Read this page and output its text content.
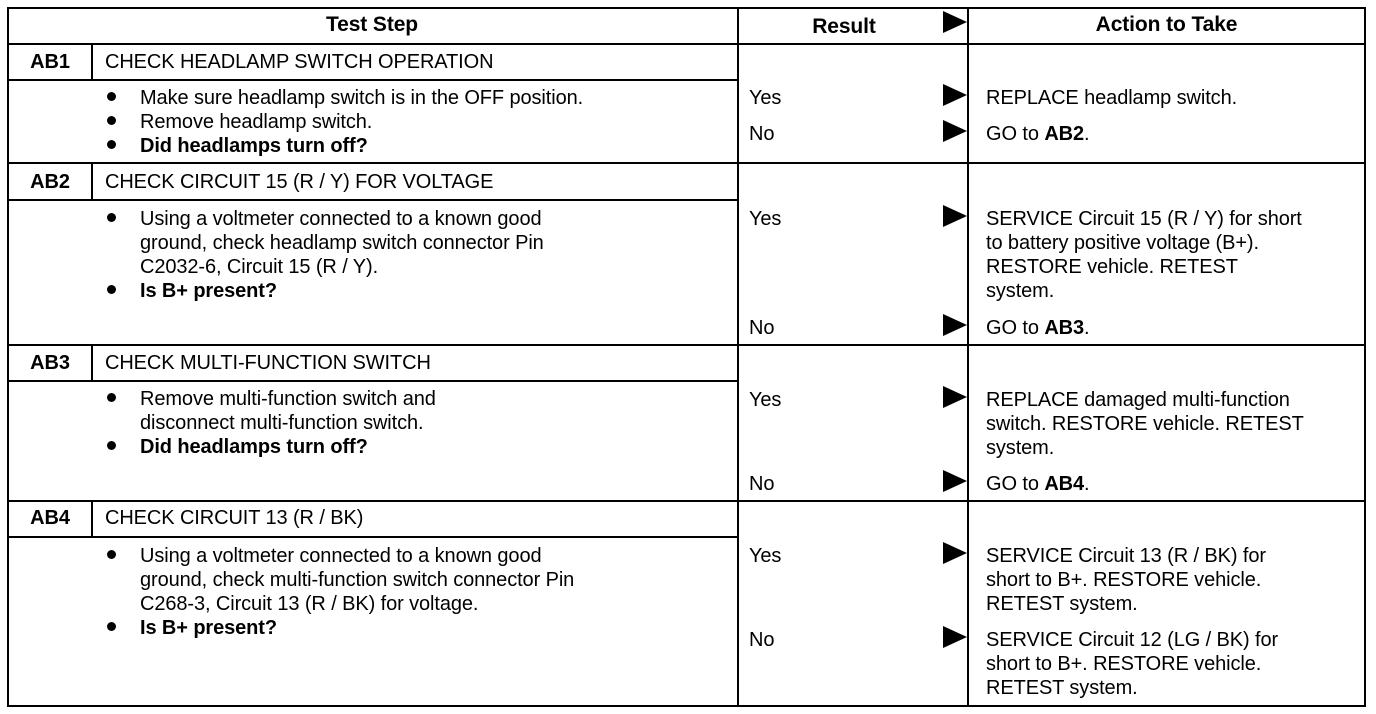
Test Step	Result	Action to Take
AB1	CHECK HEADLAMP SWITCH OPERATION
Make sure headlamp switch is in the OFF position.
Remove headlamp switch.
Did headlamps turn off?
Yes	REPLACE headlamp switch.
No	GO to AB2.
AB2	CHECK CIRCUIT 15 (R / Y) FOR VOLTAGE
Using a voltmeter connected to a known good
ground, check headlamp switch connector Pin
C2032-6, Circuit 15 (R / Y).
Is B+ present?
Yes	SERVICE Circuit 15 (R / Y) for short
to battery positive voltage (B+).
RESTORE vehicle. RETEST
system.
No	GO to AB3.
AB3	CHECK MULTI-FUNCTION SWITCH
Remove multi-function switch and
disconnect multi-function switch.
Did headlamps turn off?
Yes	REPLACE damaged multi-function
switch. RESTORE vehicle. RETEST
system.
No	GO to AB4.
AB4	CHECK CIRCUIT 13 (R / BK)
Using a voltmeter connected to a known good
ground, check multi-function switch connector Pin
C268-3, Circuit 13 (R / BK) for voltage.
Is B+ present?
Yes	SERVICE Circuit 13 (R / BK) for
short to B+. RESTORE vehicle.
RETEST system.
No	SERVICE Circuit 12 (LG / BK) for
short to B+. RESTORE vehicle.
RETEST system.
